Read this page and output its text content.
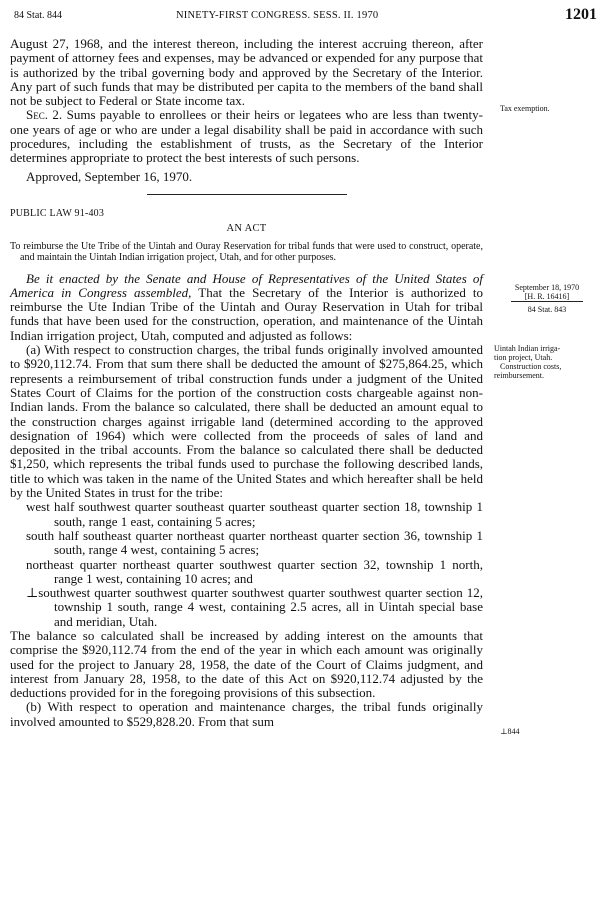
84 Stat. 844	NINETY-FIRST CONGRESS. SESS. II. 1970	1201

August 27, 1968, and the interest thereon, including the interest accruing thereon, after payment of attorney fees and expenses, may be advanced or expended for any purpose that is authorized by the tribal governing body and approved by the Secretary of the Interior. Any part of such funds that may be distributed per capita to the members of the band shall not be subject to Federal or State income tax.

Sec. 2. Sums payable to enrollees or their heirs or legatees who are less than twenty-one years of age or who are under a legal disability shall be paid in accordance with such procedures, including the establishment of trusts, as the Secretary of the Interior determines appropriate to protect the best interests of such persons.

Approved, September 16, 1970.

PUBLIC LAW 91-403

AN ACT

To reimburse the Ute Tribe of the Uintah and Ouray Reservation for tribal funds that were used to construct, operate, and maintain the Uintah Indian irrigation project, Utah, and for other purposes.

Be it enacted by the Senate and House of Representatives of the United States of America in Congress assembled, That the Secretary of the Interior is authorized to reimburse the Ute Indian Tribe of the Uintah and Ouray Reservation in Utah for tribal funds that have been used for the construction, operation, and maintenance of the Uintah Indian irrigation project, Utah, computed and adjusted as follows:

(a) With respect to construction charges, the tribal funds originally involved amounted to $920,112.74. From that sum there shall be deducted the amount of $275,864.25, which represents a reimbursement of tribal construction funds under a judgment of the United States Court of Claims for the portion of the construction costs chargeable against non-Indian lands. From the balance so calculated, there shall be deducted an amount equal to the construction charges against irrigable land (determined according to the approved designation of 1964) which were collected from the proceeds of sales of land and deposited in the tribal accounts. From the balance so calculated there shall be deducted $1,250, which represents the tribal funds used to purchase the following described lands, title to which was taken in the name of the United States and which hereafter shall be held by the United States in trust for the tribe:

west half southwest quarter southeast quarter southeast quarter section 18, township 1 south, range 1 east, containing 5 acres;

south half southeast quarter northeast quarter northeast quarter section 36, township 1 south, range 4 west, containing 5 acres;

northeast quarter northeast quarter southwest quarter section 32, township 1 north, range 1 west, containing 10 acres; and

⊥southwest quarter southwest quarter southwest quarter southwest quarter section 12, township 1 south, range 4 west, containing 2.5 acres, all in Uintah special base and meridian, Utah.

The balance so calculated shall be increased by adding interest on the amounts that comprise the $920,112.74 from the end of the year in which each amount was originally used for the project to January 28, 1958, the date of the Court of Claims judgment, and interest from January 28, 1958, to the date of this Act on $920,112.74 adjusted by the deductions provided for in the foregoing provisions of this subsection.

(b) With respect to operation and maintenance charges, the tribal funds originally involved amounted to $529,828.20. From that sum

Tax exemption.
September 18, 1970
[H. R. 16416]
84 Stat. 843
Uintah Indian irriga-
tion project, Utah.
Construction costs,
reimbursement.
⊥844
